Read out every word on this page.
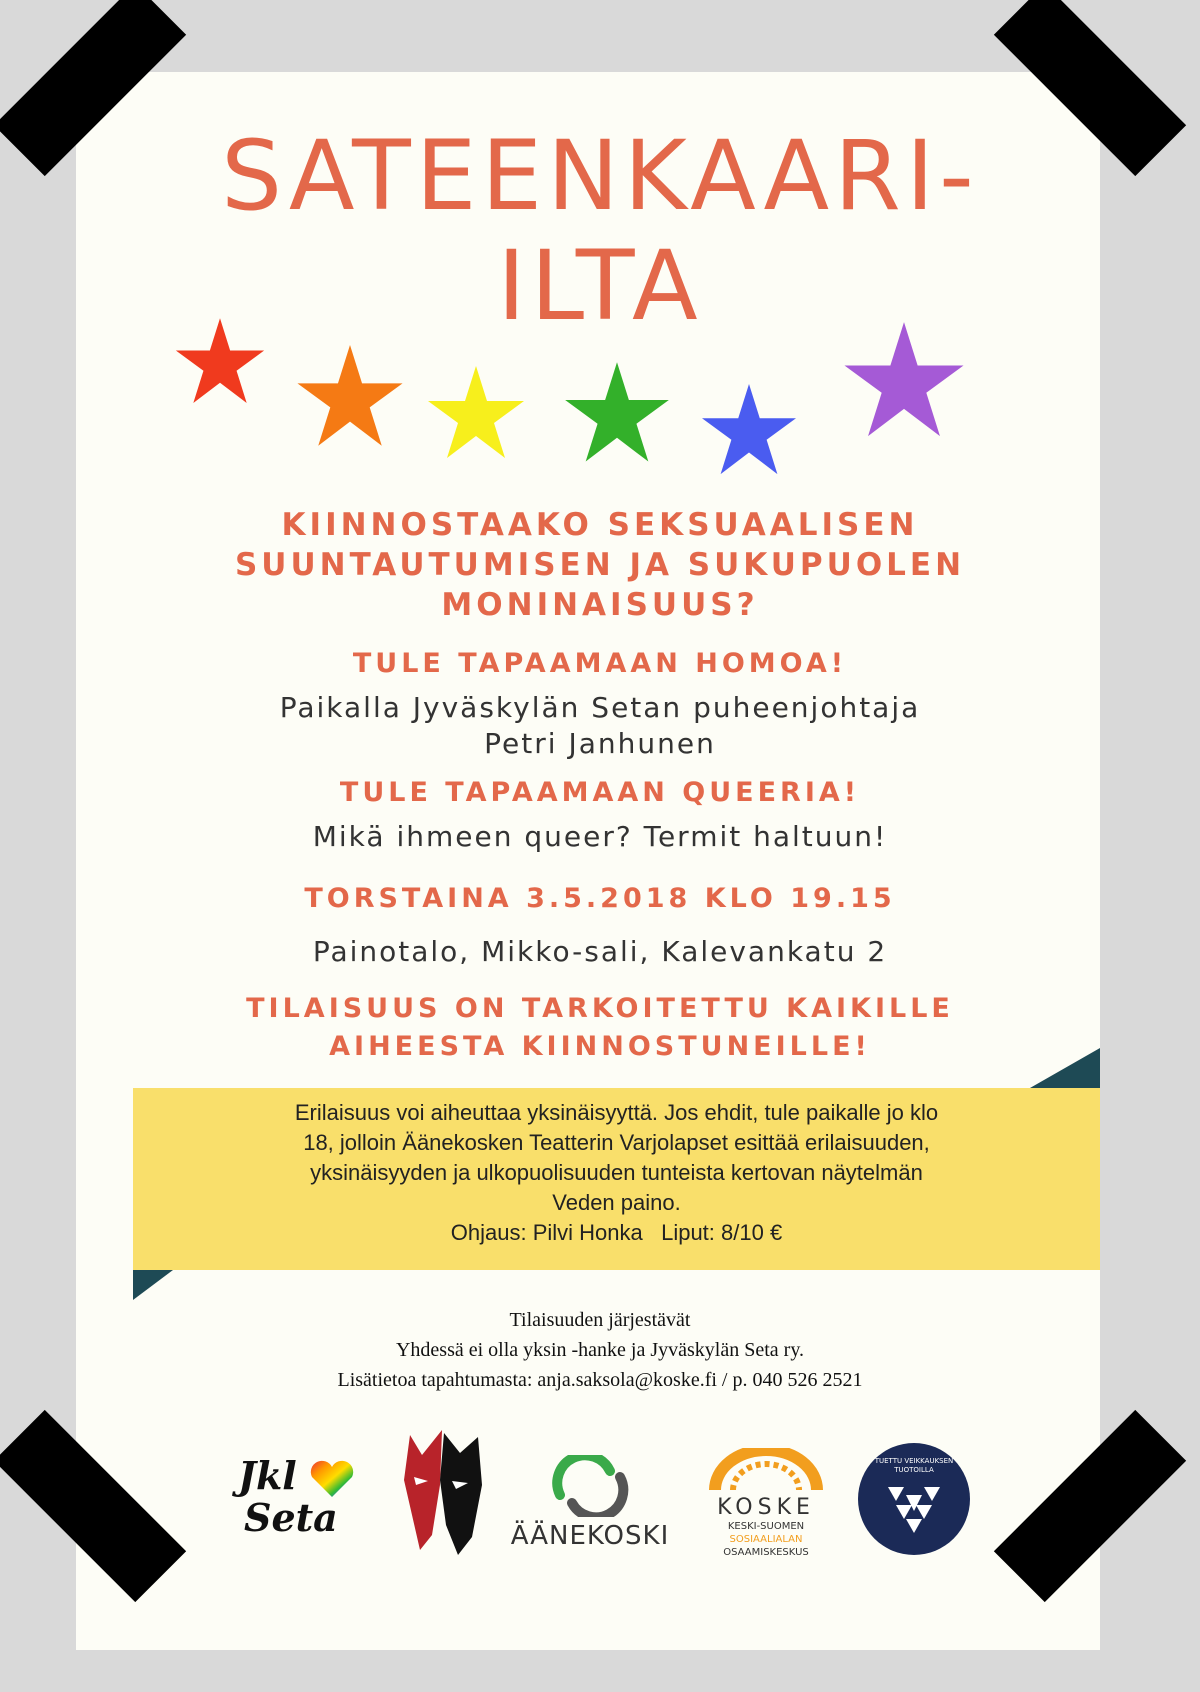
SATEENKAARI-
ILTA
KIINNOSTAAKO SEKSUAALISEN
SUUNTAUTUMISEN JA SUKUPUOLEN
MONINAISUUS?
TULE TAPAAMAAN HOMOA!
Paikalla Jyväskylän Setan puheenjohtaja
Petri Janhunen
TULE TAPAAMAAN QUEERIA!
Mikä ihmeen queer? Termit haltuun!
TORSTAINA 3.5.2018 KLO 19.15
Painotalo, Mikko-sali, Kalevankatu 2
TILAISUUS ON TARKOITETTU KAIKILLE
AIHEESTA KIINNOSTUNEILLE!
Erilaisuus voi aiheuttaa yksinäisyyttä. Jos ehdit, tule paikalle jo klo
18, jolloin Äänekosken Teatterin Varjolapset esittää erilaisuuden,
yksinäisyyden ja ulkopuolisuuden tunteista kertovan näytelmän
Veden paino.
Ohjaus: Pilvi Honka   Liput: 8/10 €
Tilaisuuden järjestävät
Yhdessä ei olla yksin -hanke ja Jyväskylän Seta ry.
Lisätietoa tapahtumasta: anja.saksola@koske.fi / p. 040 526 2521
Jkl
Seta	ÄÄNEKOSKI
KOSKE
KESKI-SUOMEN
SOSIAALIALAN
OSAAMISKESKUS
TUETTU VEIKKAUKSEN TUOTOILLA
